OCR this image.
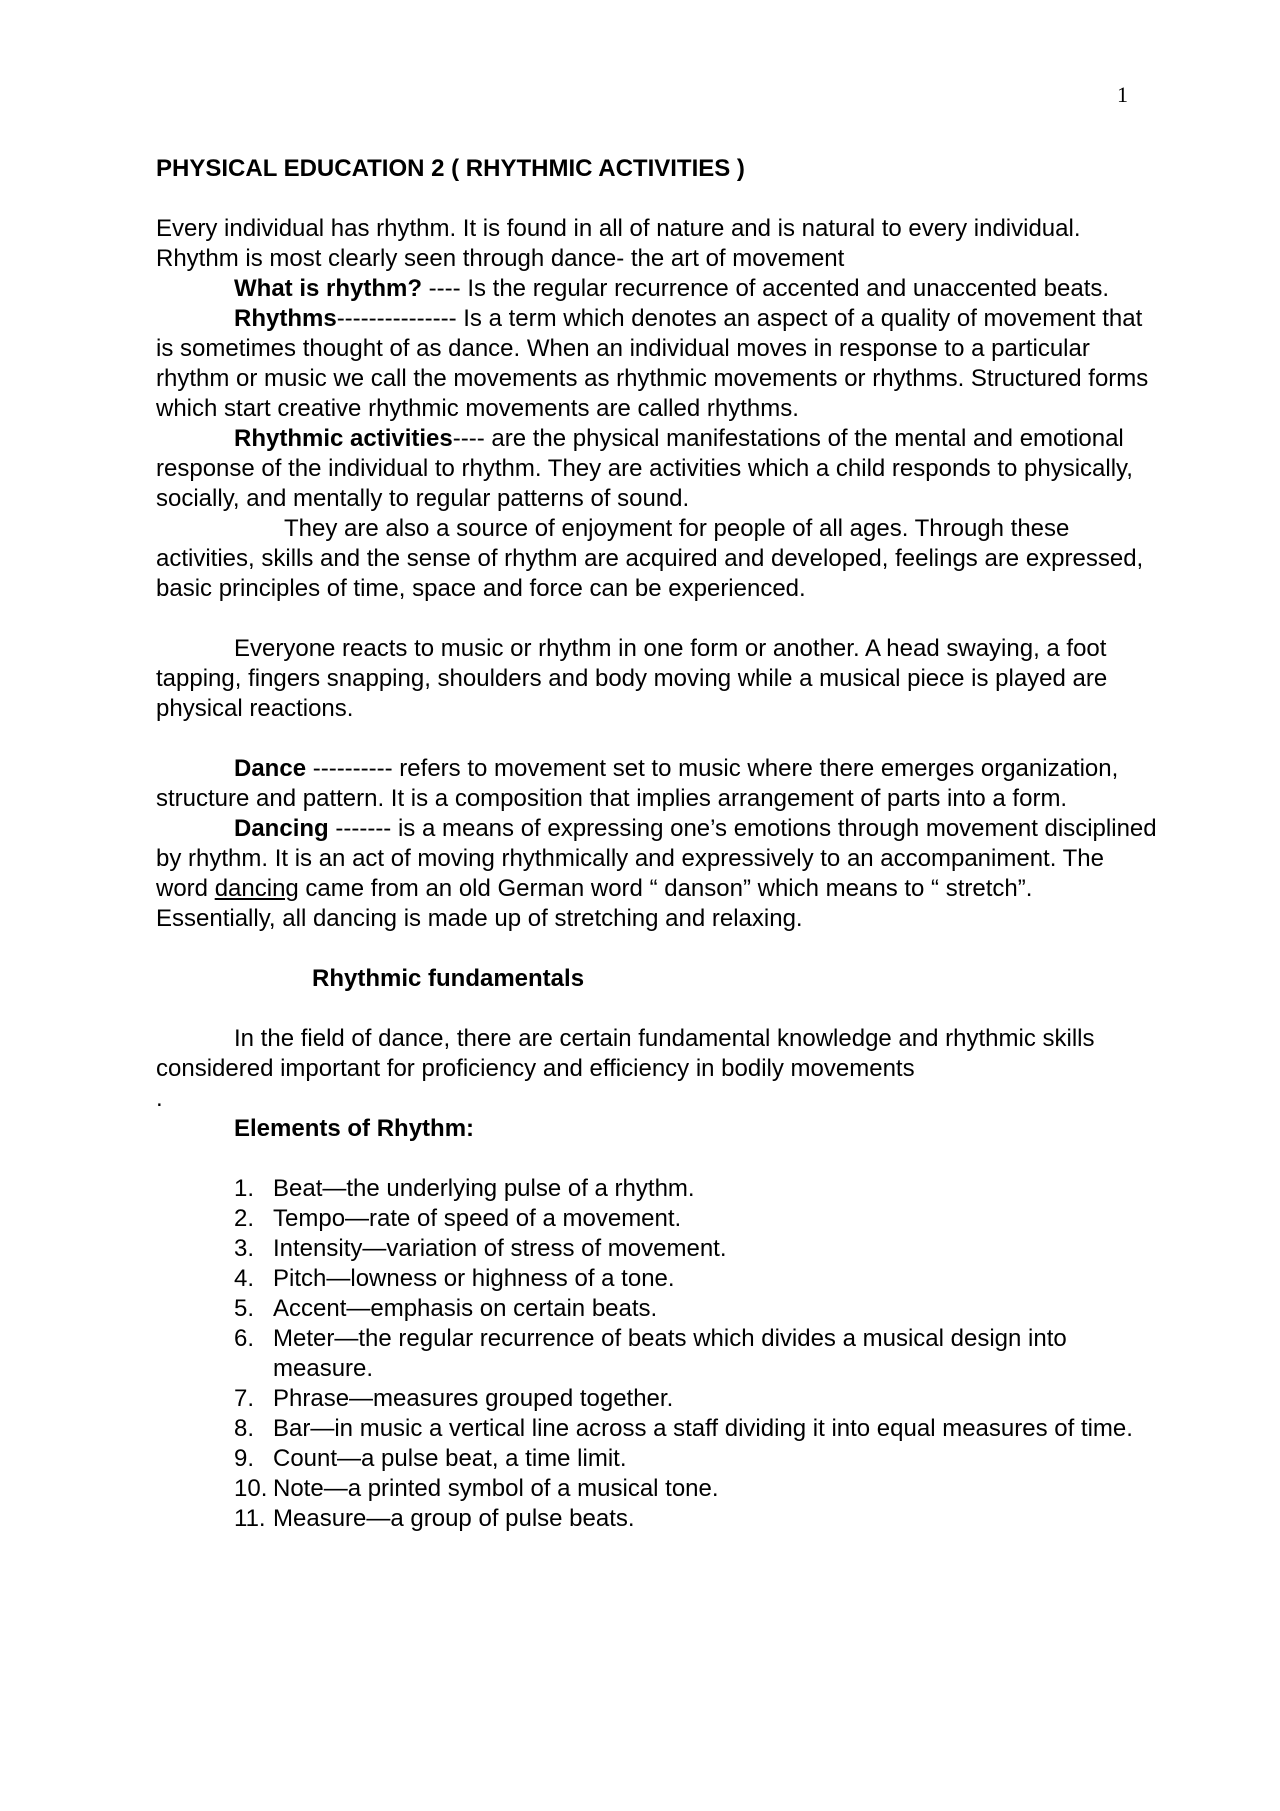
1

PHYSICAL EDUCATION 2 ( RHYTHMIC ACTIVITIES )

Every individual has rhythm. It is found in all of nature and is natural to every individual. Rhythm is most clearly seen through dance- the art of movement

What is rhythm? ---- Is the regular recurrence of accented and unaccented beats.

Rhythms--------------- Is a term which denotes an aspect of a quality of movement that is sometimes thought of as dance. When an individual moves in response to a particular rhythm or music we call the movements as rhythmic movements or rhythms. Structured forms which start creative rhythmic movements are called rhythms.

Rhythmic activities---- are the physical manifestations of the mental and emotional response of the individual to rhythm. They are activities which a child responds to physically, socially, and mentally to regular patterns of sound.

They are also a source of enjoyment for people of all ages. Through these activities, skills and the sense of rhythm are acquired and developed, feelings are expressed, basic principles of time, space and force can be experienced.

Everyone reacts to music or rhythm in one form or another. A head swaying, a foot tapping, fingers snapping, shoulders and body moving while a musical piece is played are physical reactions.

Dance ---------- refers to movement set to music where there emerges organization, structure and pattern. It is a composition that implies arrangement of parts into a form.

Dancing ------- is a means of expressing one’s emotions through movement disciplined by rhythm. It is an act of moving rhythmically and expressively to an accompaniment. The word dancing came from an old German word “ danson” which means to “ stretch”. Essentially, all dancing is made up of stretching and relaxing.

Rhythmic fundamentals

In the field of dance, there are certain fundamental knowledge and rhythmic skills considered important for proficiency and efficiency in bodily movements

.

Elements of Rhythm:

1. Beat—the underlying pulse of a rhythm.
2. Tempo—rate of speed of a movement.
3. Intensity—variation of stress of movement.
4. Pitch—lowness or highness of a tone.
5. Accent—emphasis on certain beats.
6. Meter—the regular recurrence of beats which divides a musical design into measure.
7. Phrase—measures grouped together.
8. Bar—in music a vertical line across a staff dividing it into equal measures of time.
9. Count—a pulse beat, a time limit.
10. Note—a printed symbol of a musical tone.
11. Measure—a group of pulse beats.
